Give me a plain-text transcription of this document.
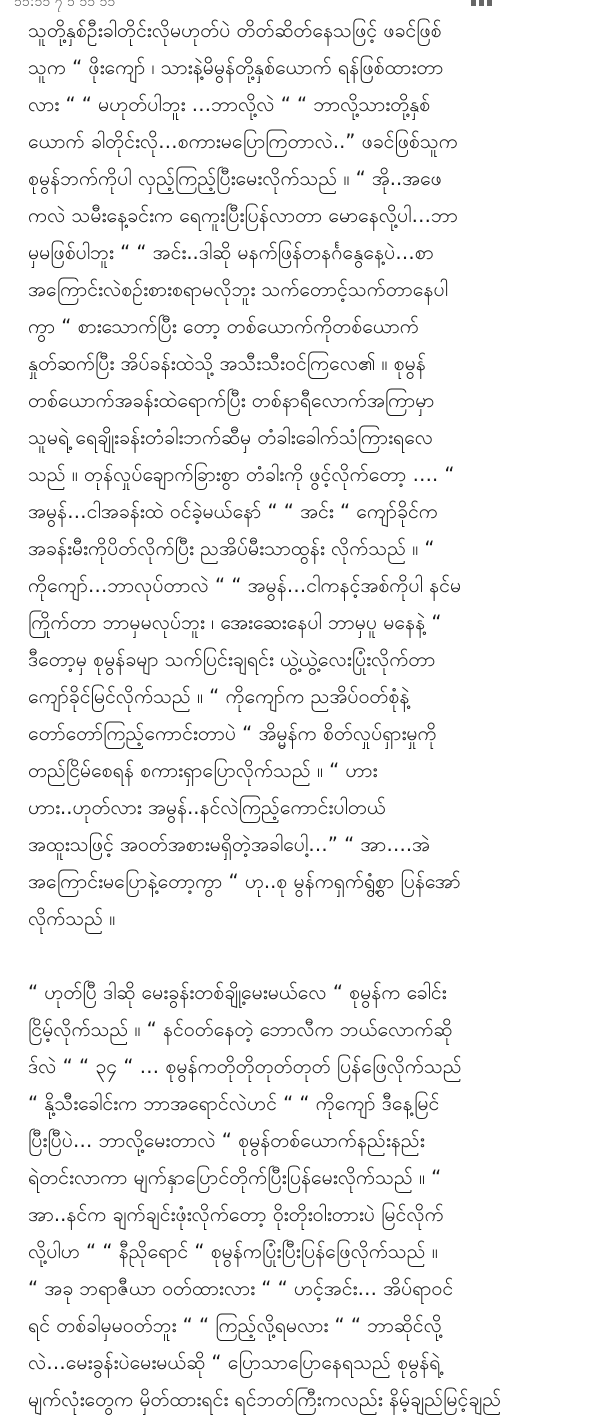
၁၁:၁၁ ၇ ၁ ၁၁ ၁၁
သူတို့နှစ်ဦးခါတိုင်းလိုမဟုတ်ပဲ တိတ်ဆိတ်နေသဖြင့် ဖခင်ဖြစ်
သူက “ ဖိုးကျော် ၊ သားနဲ့မိမွန်တို့နှစ်ယောက် ရန်ဖြစ်ထားတာ
လား “ “ မဟုတ်ပါဘူး …ဘာလို့လဲ “ “ ဘာလို့သားတို့နှစ်
ယောက် ခါတိုင်းလို…စကားမပြောကြတာလဲ..” ဖခင်ဖြစ်သူက
စုမွန်ဘက်ကိုပါ လှည့်ကြည့်ပြီးမေးလိုက်သည် ။ “ အို..အဖေ
ကလဲ သမီးနေ့ခင်းက ရေကူးပြီးပြန်လာတာ မောနေလို့ပါ…ဘာ
မှမဖြစ်ပါဘူး “ “ အင်း..ဒါဆို မနက်ဖြန်တနင်္ဂနွေနေ့ပဲ…စာ
အကြောင်းလဲစဉ်းစားစရာမလိုဘူး သက်တောင့်သက်တာနေပါ
ကွာ “ စားသောက်ပြီး တော့ တစ်ယောက်ကိုတစ်ယောက်
နှုတ်ဆက်ပြီး အိပ်ခန်းထဲသို့ အသီးသီးဝင်ကြလေ၏ ။ စုမွန်
တစ်ယောက်အခန်းထဲရောက်ပြီး တစ်နာရီလောက်အကြာမှာ
သူမရဲ့ ရေချိုးခန်းတံခါးဘက်ဆီမှ တံခါးခေါက်သံကြားရလေ
သည် ။ တုန်လှုပ်ချောက်ခြားစွာ တံခါးကို ဖွင့်လိုက်တော့ …. “
အမွန်…ငါအခန်းထဲ ဝင်ခဲ့မယ်နော် “ “ အင်း “ ကျော်ခိုင်က
အခန်းမီးကိုပိတ်လိုက်ပြီး ညအိပ်မီးသာထွန်း လိုက်သည် ။ “
ကိုကျော်…ဘာလုပ်တာလဲ “ “ အမွန်…ငါကနင့်အစ်ကိုပါ နင်မ
ကြိုက်တာ ဘာမှမလုပ်ဘူး ၊ အေးဆေးနေပါ ဘာမှပူ မနေနဲ့ “
ဒီတော့မှ စုမွန်ခမျာ သက်ပြင်းချရင်း ယွဲ့ယွဲ့လေးပြုံးလိုက်တာ
ကျော်ခိုင်မြင်လိုက်သည် ။ “ ကိုကျော်က ညအိပ်ဝတ်စုံနဲ့
တော်တော်ကြည့်ကောင်းတာပဲ “ အိမ္မန်က စိတ်လှုပ်ရှားမှုကို
တည်ငြိမ်စေရန် စကားရှာပြောလိုက်သည် ။ “ ဟား
ဟား..ဟုတ်လား အမွန်..နင်လဲကြည့်ကောင်းပါတယ်
အထူးသဖြင့် အဝတ်အစားမရှိတဲ့အခါပေါ့…” “ အာ….အဲ
အကြောင်းမပြောနဲ့တော့ကွာ “ ဟု..စု မွန်ကရှက်ရွံ့စွာ ပြန်အော်
လိုက်သည် ။
“ ဟုတ်ပြီ ဒါဆို မေးခွန်းတစ်ချို့မေးမယ်လေ “ စုမွန်က ခေါင်း
ငြိမ့်လိုက်သည် ။ “ နင်ဝတ်နေတဲ့ ဘောလီက ဘယ်လောက်ဆို
ဒ်လဲ “ “ ၃၄ “ … စုမွန်ကတိုတိုတုတ်တုတ် ပြန်ဖြေလိုက်သည်
“ နို့သီးခေါင်းက ဘာအရောင်လဲဟင် “ “ ကိုကျော် ဒီနေ့မြင်
ပြီးပြီပဲ… ဘာလို့မေးတာလဲ “ စုမွန်တစ်ယောက်နည်းနည်း
ရဲတင်းလာကာ မျက်နှာပြောင်တိုက်ပြီးပြန်မေးလိုက်သည် ။ “
အာ..နင်က ချက်ချင်းဖုံးလိုက်တော့ ဝိုးတိုးဝါးတားပဲ မြင်လိုက်
လို့ပါဟ “ “ နီညိုရောင် “ စုမွန်ကပြုံးပြီးပြန်ဖြေလိုက်သည် ။
“ အခု ဘရာဇီယာ ဝတ်ထားလား “ “ ဟင့်အင်း… အိပ်ရာဝင်
ရင် တစ်ခါမှမဝတ်ဘူး “ “ ကြည့်လို့ရမလား “ “ ဘာဆိုင်လို့
လဲ…မေးခွန်းပဲမေးမယ်ဆို “ ပြောသာပြောနေရသည် စုမွန်ရဲ့
မျက်လုံးတွေက မှိတ်ထားရင်း ရင်ဘတ်ကြီးကလည်း နိမ့်ချည်မြင့်ချည်
